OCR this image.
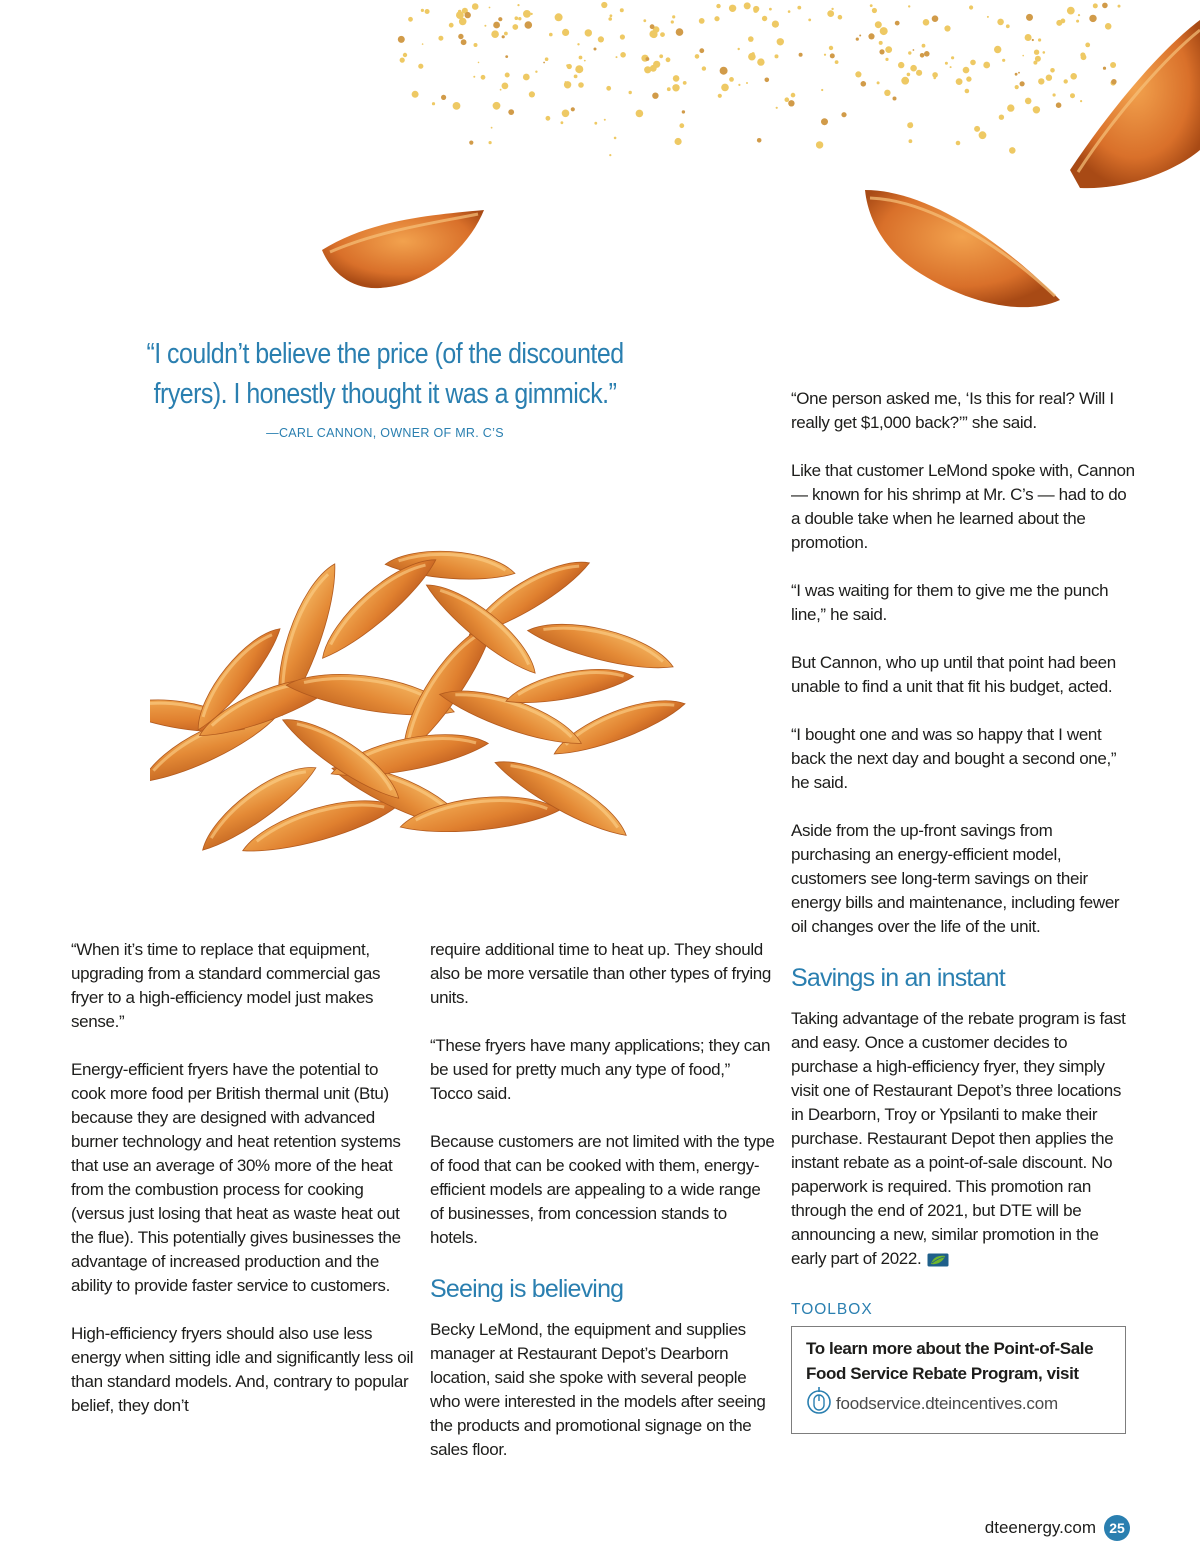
“I couldn’t believe the price (of the discounted fryers). I honestly thought it was a gimmick.”
—CARL CANNON, OWNER OF MR. C’S

“When it’s time to replace that equipment, upgrading from a standard commercial gas fryer to a high-efficiency model just makes sense.”

Energy-efficient fryers have the potential to cook more food per British thermal unit (Btu) because they are designed with advanced burner technology and heat retention systems that use an average of 30% more of the heat from the combustion process for cooking (versus just losing that heat as waste heat out the flue). This potentially gives businesses the advantage of increased production and the ability to provide faster service to customers.

High-efficiency fryers should also use less energy when sitting idle and significantly less oil than standard models. And, contrary to popular belief, they don’t

require additional time to heat up. They should also be more versatile than other types of frying units.

“These fryers have many applications; they can be used for pretty much any type of food,” Tocco said.

Because customers are not limited with the type of food that can be cooked with them, energy-efficient models are appealing to a wide range of businesses, from concession stands to hotels.

Seeing is believing

Becky LeMond, the equipment and supplies manager at Restaurant Depot’s Dearborn location, said she spoke with several people who were interested in the models after seeing the products and promotional signage on the sales floor.

“One person asked me, ‘Is this for real? Will I really get $1,000 back?’” she said.

Like that customer LeMond spoke with, Cannon — known for his shrimp at Mr. C’s — had to do a double take when he learned about the promotion.

“I was waiting for them to give me the punch line,” he said.

But Cannon, who up until that point had been unable to find a unit that fit his budget, acted.

“I bought one and was so happy that I went back the next day and bought a second one,” he said.

Aside from the up-front savings from purchasing an energy-efficient model, customers see long-term savings on their energy bills and maintenance, including fewer oil changes over the life of the unit.

Savings in an instant

Taking advantage of the rebate program is fast and easy. Once a customer decides to purchase a high-efficiency fryer, they simply visit one of Restaurant Depot’s three locations in Dearborn, Troy or Ypsilanti to make their purchase. Restaurant Depot then applies the instant rebate as a point-of-sale discount. No paperwork is required. This promotion ran through the end of 2021, but DTE will be announcing a new, similar promotion in the early part of 2022.

TOOLBOX
To learn more about the Point-of-Sale Food Service Rebate Program, visit
foodservice.dteincentives.com
dteenergy.com 25
